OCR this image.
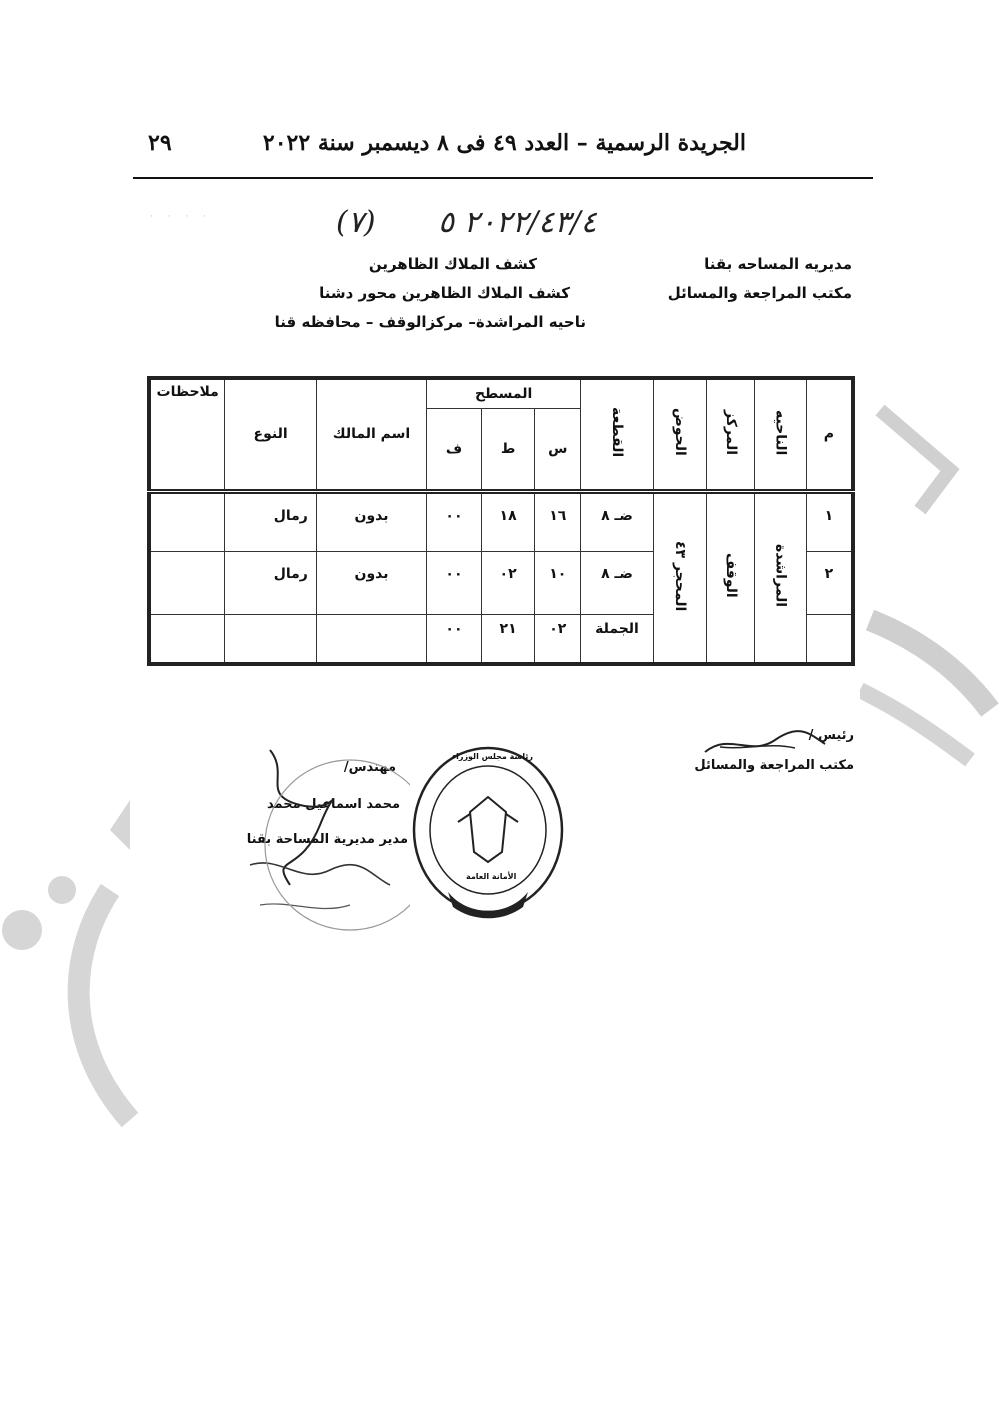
الجريدة الرسمية – العدد ٤٩ فى ٨ ديسمبر سنة ٢٠٢٢
٢٩
· · · ·	٢٠٢٢/٤٣/٤ ٥
(٧)
كشف الملاك الظاهرين
كشف الملاك الظاهرين محور دشنا
ناحيه المراشدة– مركزالوقف – محافظه قنا
مديريه المساحه بقنا
مكتب المراجعة والمسائل
ملاحظات	النوع	اسم المالك	المسطح			القطعة	الحوض	المركز	الناحيه	م
			ف	ط	س					
	رمال	بدون	٠٠	١٨	١٦	ضـ ٨	المحجر ٤٣	الوقف	المراشدة	١
	رمال	بدون	٠٠	٠٢	١٠	ضـ ٨				٢
			٠٠	٢١	٠٢	الجملة				
رئيس /
مكتب المراجعة والمسائل
مهندس/
محمد اسماعيل محمد
مدير مديرية المساحة بقنا
رئاسة مجلس الوزراء
الأمانة العامة
